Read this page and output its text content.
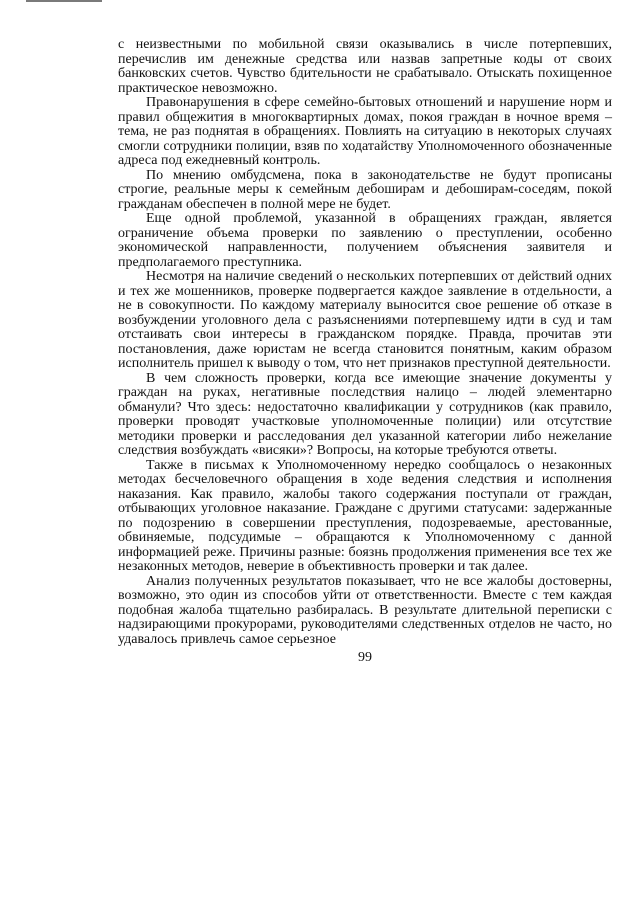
с неизвестными по мобильной связи оказывались в числе потерпевших, перечислив им денежные средства или назвав запретные коды от своих банковских счетов. Чувство бдительности не срабатывало. Отыскать похищенное практическое невозможно.

Правонарушения в сфере семейно-бытовых отношений и нарушение норм и правил общежития в многоквартирных домах, покоя граждан в ночное время – тема, не раз поднятая в обращениях. Повлиять на ситуацию в некоторых случаях смогли сотрудники полиции, взяв по ходатайству Уполномоченного обозначенные адреса под ежедневный контроль.

По мнению омбудсмена, пока в законодательстве не будут прописаны строгие, реальные меры к семейным дебоширам и дебоширам-соседям, покой гражданам обеспечен в полной мере не будет.

Еще одной проблемой, указанной в обращениях граждан, является ограничение объема проверки по заявлению о преступлении, особенно экономической направленности, получением объяснения заявителя и предполагаемого преступника.

Несмотря на наличие сведений о нескольких потерпевших от действий одних и тех же мошенников, проверке подвергается каждое заявление в отдельности, а не в совокупности. По каждому материалу выносится свое решение об отказе в возбуждении уголовного дела с разъяснениями потерпевшему идти в суд и там отстаивать свои интересы в гражданском порядке. Правда, прочитав эти постановления, даже юристам не всегда становится понятным, каким образом исполнитель пришел к выводу о том, что нет признаков преступной деятельности.

В чем сложность проверки, когда все имеющие значение документы у граждан на руках, негативные последствия налицо – людей элементарно обманули? Что здесь: недостаточно квалификации у сотрудников (как правило, проверки проводят участковые уполномоченные полиции) или отсутствие методики проверки и расследования дел указанной категории либо нежелание следствия возбуждать «висяки»? Вопросы, на которые требуются ответы.

Также в письмах к Уполномоченному нередко сообщалось о незаконных методах бесчеловечного обращения в ходе ведения следствия и исполнения наказания. Как правило, жалобы такого содержания поступали от граждан, отбывающих уголовное наказание. Граждане с другими статусами: задержанные по подозрению в совершении преступления, подозреваемые, арестованные, обвиняемые, подсудимые – обращаются к Уполномоченному с данной информацией реже. Причины разные: боязнь продолжения применения все тех же незаконных методов, неверие в объективность проверки и так далее.

Анализ полученных результатов показывает, что не все жалобы достоверны, возможно, это один из способов уйти от ответственности. Вместе с тем каждая подобная жалоба тщательно разбиралась. В результате длительной переписки с надзирающими прокурорами, руководителями следственных отделов не часто, но удавалось привлечь самое серьезное

99
